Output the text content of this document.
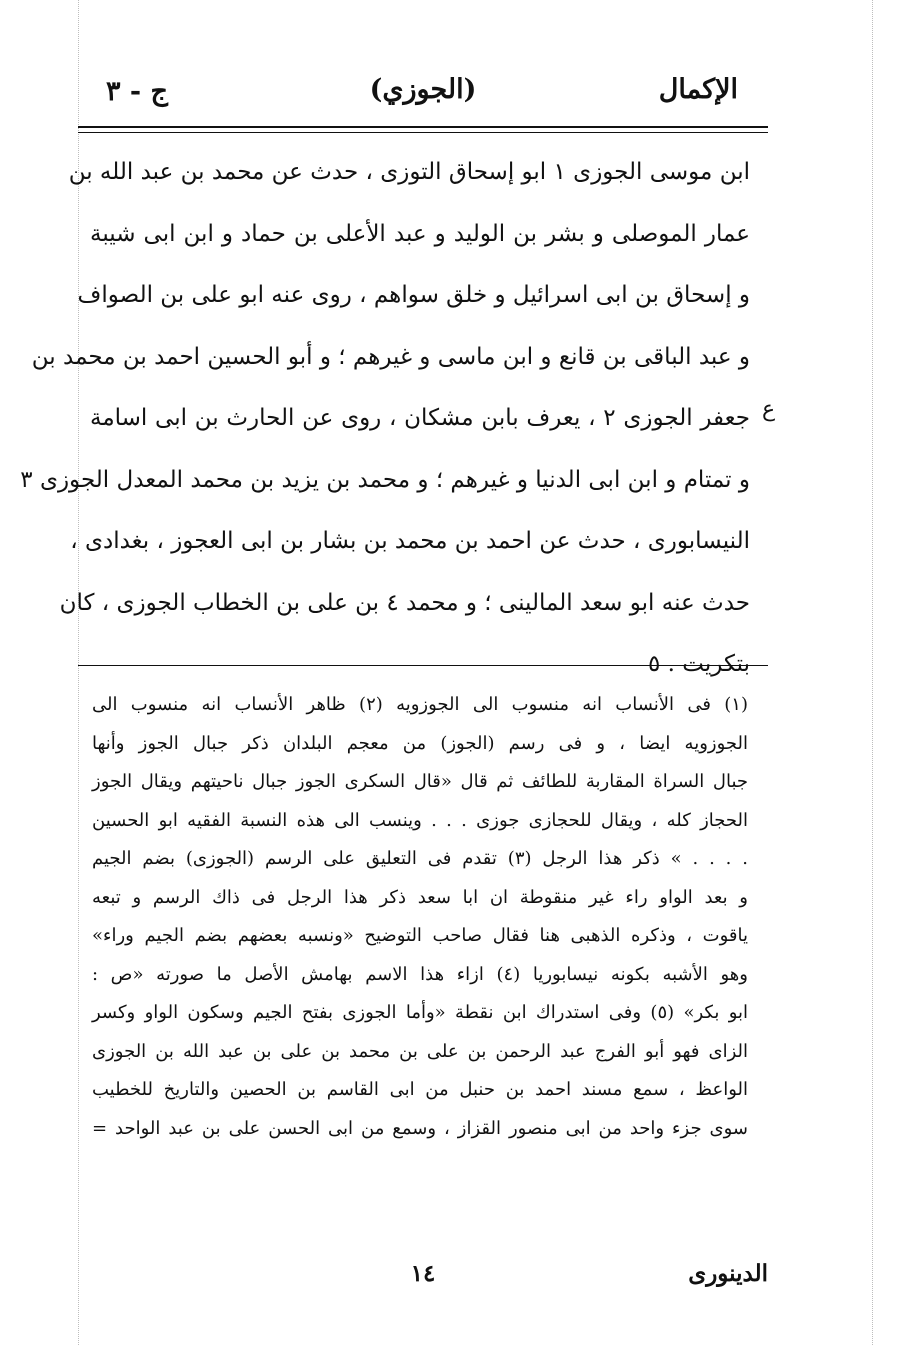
الإكمال
(الجوزي)
ج - ٣
ابن موسى الجوزى ١ ابو إسحاق التوزى ، حدث عن محمد بن عبد الله بن
عمار الموصلى و بشر بن الوليد و عبد الأعلى بن حماد و ابن ابى شيبة
و إسحاق بن ابى اسرائيل و خلق سواهم ، روى عنه ابو على بن الصواف
و عبد الباقى بن قانع و ابن ماسى و غيرهم ؛ و أبو الحسين احمد بن محمد بن
جعفر الجوزى ٢ ، يعرف بابن مشكان ، روى عن الحارث بن ابى اسامة
و تمتام و ابن ابى الدنيا و غيرهم ؛ و محمد بن يزيد بن محمد المعدل الجوزى ٣
النيسابورى ، حدث عن احمد بن محمد بن بشار بن ابى العجوز ، بغدادى ،
حدث عنه ابو سعد المالينى ؛ و محمد ٤ بن على بن الخطاب الجوزى ، كان
بتكريت . ٥
ع
(١) فى الأنساب انه منسوب الى الجوزويه (٢) ظاهر الأنساب انه منسوب الى
الجوزويه ايضا ، و فى رسم (الجوز) من معجم البلدان ذكر جبال الجوز وأنها
جبال السراة المقاربة للطائف ثم قال «قال السكرى الجوز جبال ناحيتهم ويقال الجوز
الحجاز كله ، ويقال للحجازى جوزى . . . وينسب الى هذه النسبة الفقيه ابو الحسين
. . . . » ذكر هذا الرجل (٣) تقدم فى التعليق على الرسم (الجوزى) بضم الجيم
و بعد الواو راء غير منقوطة ان ابا سعد ذكر هذا الرجل فى ذاك الرسم و تبعه
ياقوت ، وذكره الذهبى هنا فقال صاحب التوضيح «ونسبه بعضهم بضم الجيم وراء»
وهو الأشبه بكونه نيسابوريا (٤) ازاء هذا الاسم بهامش الأصل ما صورته «ص :
ابو بكر» (٥) وفى استدراك ابن نقطة «وأما الجوزى بفتح الجيم وسكون الواو وكسر
الزاى فهو أبو الفرج عبد الرحمن بن على بن محمد بن على بن عبد الله بن الجوزى
الواعظ ، سمع مسند احمد بن حنبل من ابى القاسم بن الحصين والتاريخ للخطيب
سوى جزء واحد من ابى منصور القزاز ، وسمع من ابى الحسن على بن عبد الواحد =
الدينورى
١٤
